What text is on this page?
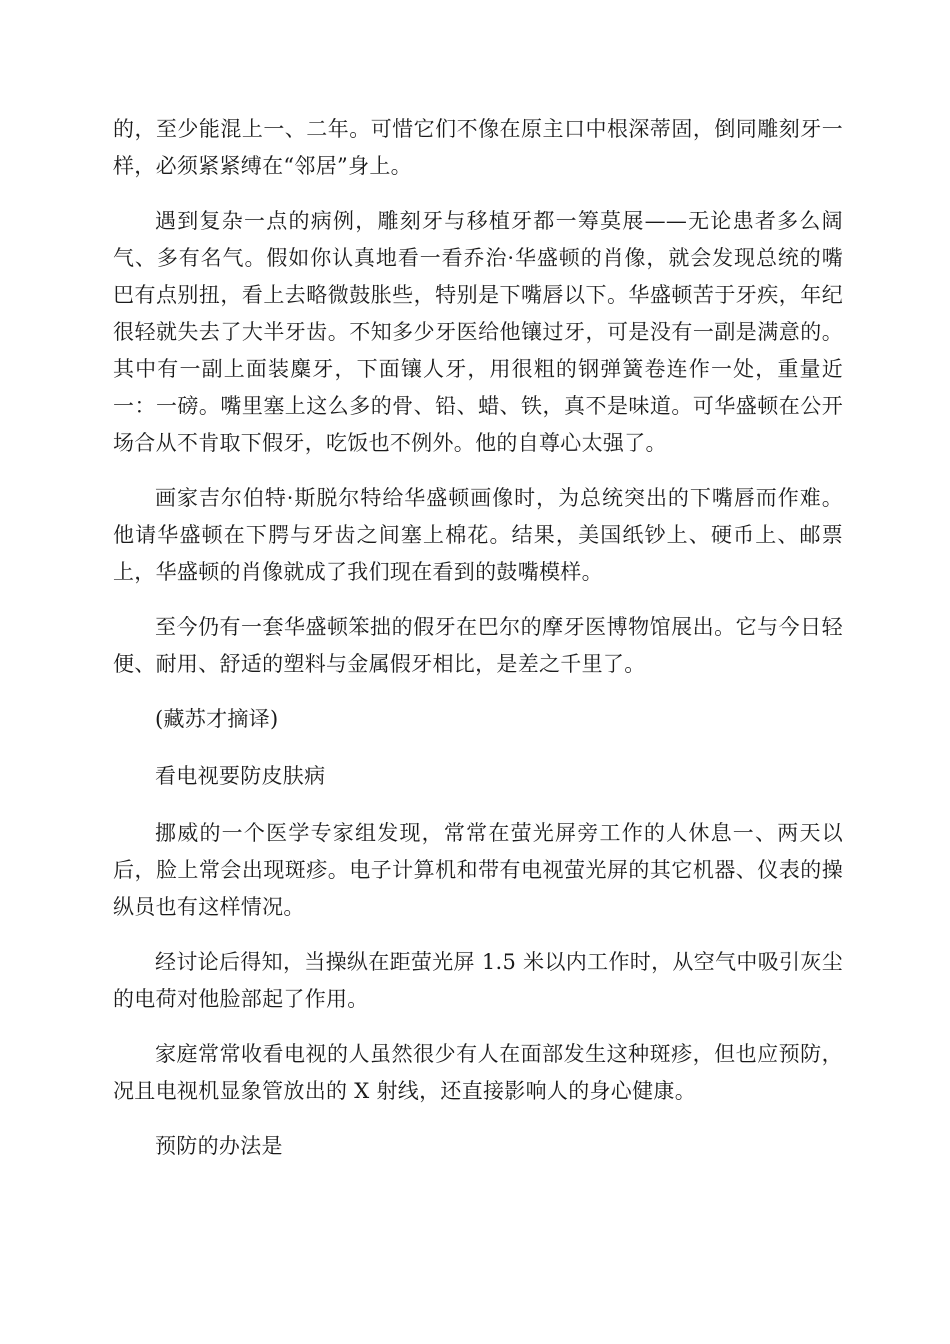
的，至少能混上一、二年。可惜它们不像在原主口中根深蒂固，倒同雕刻牙一样，必须紧紧缚在“邻居”身上。

遇到复杂一点的病例，雕刻牙与移植牙都一筹莫展——无论患者多么阔气、多有名气。假如你认真地看一看乔治·华盛顿的肖像，就会发现总统的嘴巴有点别扭，看上去略微鼓胀些，特别是下嘴唇以下。华盛顿苦于牙疾，年纪很轻就失去了大半牙齿。不知多少牙医给他镶过牙，可是没有一副是满意的。其中有一副上面装麋牙，下面镶人牙，用很粗的钢弹簧卷连作一处，重量近一：一磅。嘴里塞上这么多的骨、铅、蜡、铁，真不是味道。可华盛顿在公开场合从不肯取下假牙，吃饭也不例外。他的自尊心太强了。

画家吉尔伯特·斯脱尔特给华盛顿画像时，为总统突出的下嘴唇而作难。他请华盛顿在下腭与牙齿之间塞上棉花。结果，美国纸钞上、硬币上、邮票上，华盛顿的肖像就成了我们现在看到的鼓嘴模样。

至今仍有一套华盛顿笨拙的假牙在巴尔的摩牙医博物馆展出。它与今日轻便、耐用、舒适的塑料与金属假牙相比，是差之千里了。

(藏苏才摘译)

看电视要防皮肤病

挪威的一个医学专家组发现，常常在萤光屏旁工作的人休息一、两天以后，脸上常会出现斑疹。电子计算机和带有电视萤光屏的其它机器、仪表的操纵员也有这样情况。

经讨论后得知，当操纵在距萤光屏 1.5 米以内工作时，从空气中吸引灰尘的电荷对他脸部起了作用。

家庭常常收看电视的人虽然很少有人在面部发生这种斑疹，但也应预防，况且电视机显象管放出的 X 射线，还直接影响人的身心健康。

预防的办法是
